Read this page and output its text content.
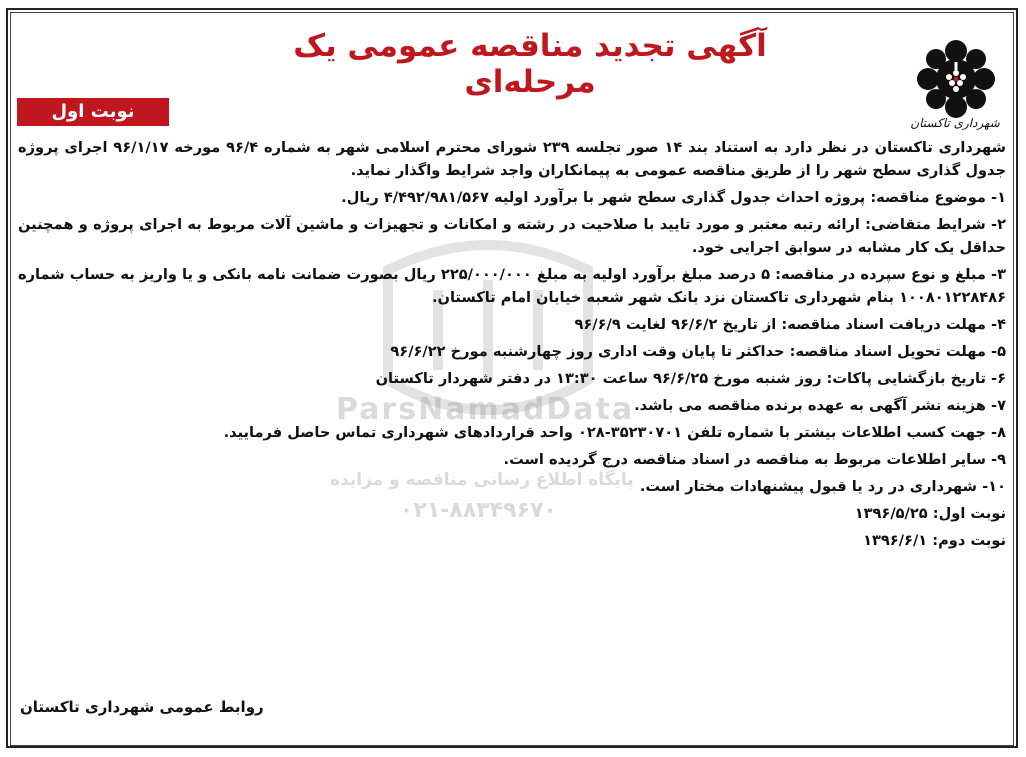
شهرداری تاکستان
ParsNamadData
پایگاه اطلاع رسانی مناقصه و مزایده
۰۲۱-۸۸۳۴۹۶۷۰
آگهی تجدید مناقصه عمومی یک مرحله‌ای
نوبت اول

شهرداری تاکستان در نظر دارد به استناد بند ۱۴ صور تجلسه ۲۳۹ شورای محترم اسلامی شهر به شماره ۹۶/۴ مورخه ۹۶/۱/۱۷ اجرای پروژه جدول گذاری سطح شهر را از طریق مناقصه عمومی به پیمانکاران واجد شرایط واگذار نماید.

۱- موضوع مناقصه: پروژه احداث جدول گذاری سطح شهر با برآورد اولیه ۴/۴۹۲/۹۸۱/۵۶۷ ریال.

۲- شرایط متقاضی: ارائه رتبه معتبر و مورد تایید با صلاحیت در رشته و امکانات و تجهیزات و ماشین آلات مربوط به اجرای پروژه و همچنین حداقل یک کار مشابه در سوابق اجرایی خود.

۳- مبلغ و نوع سپرده در مناقصه: ۵ درصد مبلغ برآورد اولیه به مبلغ ۲۲۵/۰۰۰/۰۰۰ ریال بصورت ضمانت نامه بانکی و یا واریز به حساب شماره ۱۰۰۸۰۱۲۲۸۴۸۶ بنام شهرداری تاکستان نزد بانک شهر شعبه خیابان امام تاکستان.

۴- مهلت دریافت اسناد مناقصه: از تاریخ ۹۶/۶/۲ لغایت ۹۶/۶/۹

۵- مهلت تحویل اسناد مناقصه: حداکثر تا پایان وقت اداری روز چهارشنبه مورخ ۹۶/۶/۲۲

۶- تاریخ بازگشایی پاکات: روز شنبه مورخ ۹۶/۶/۲۵ ساعت ۱۳:۳۰ در دفتر شهردار تاکستان

۷- هزینه نشر آگهی به عهده برنده مناقصه می باشد.

۸- جهت کسب اطلاعات بیشتر با شماره تلفن ۳۵۲۳۰۷۰۱-۰۲۸ واحد قراردادهای شهرداری تماس حاصل فرمایید.

۹- سایر اطلاعات مربوط به مناقصه در اسناد مناقصه درج گردیده است.

۱۰- شهرداری در رد یا قبول پیشنهادات مختار است.

نوبت اول: ۱۳۹۶/۵/۲۵

نوبت دوم: ۱۳۹۶/۶/۱

روابط عمومی شهرداری تاکستان
